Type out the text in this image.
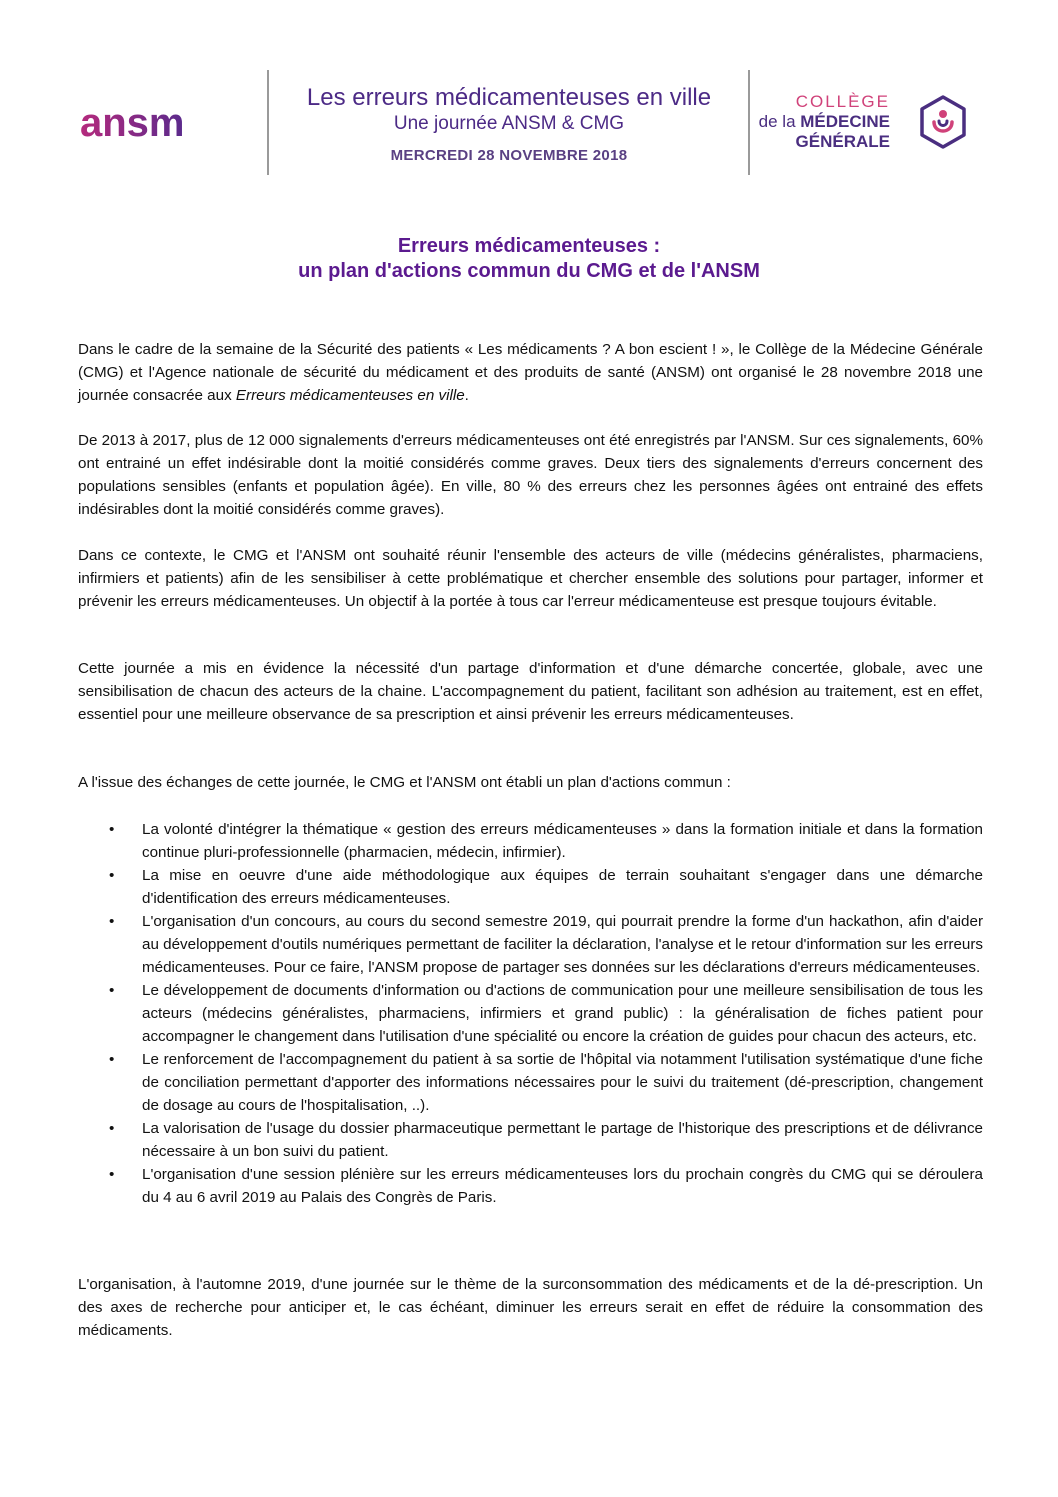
ansm
Les erreurs médicamenteuses en ville
Une journée ANSM & CMG
MERCREDI 28 NOVEMBRE 2018
COLLÈGE
de la MÉDECINE
GÉNÉRALE
Erreurs médicamenteuses :
un plan d'actions commun du CMG et de l'ANSM

Dans le cadre de la semaine de la Sécurité des patients « Les médicaments ? A bon escient ! », le Collège de la Médecine Générale (CMG) et l'Agence nationale de sécurité du médicament et des produits de santé (ANSM) ont organisé le 28 novembre 2018 une journée consacrée aux Erreurs médicamenteuses en ville.

De 2013 à 2017, plus de 12 000 signalements d'erreurs médicamenteuses ont été enregistrés par l'ANSM. Sur ces signalements, 60% ont entrainé un effet indésirable dont la moitié considérés comme graves. Deux tiers des signalements d'erreurs concernent des populations sensibles (enfants et population âgée). En ville, 80 % des erreurs chez les personnes âgées ont entrainé des effets indésirables dont la moitié considérés comme graves).

Dans ce contexte, le CMG et l'ANSM ont souhaité réunir l'ensemble des acteurs de ville (médecins généralistes, pharmaciens, infirmiers et patients) afin de les sensibiliser à cette problématique et chercher ensemble des solutions pour partager, informer et prévenir les erreurs médicamenteuses. Un objectif à la portée à tous car l'erreur médicamenteuse est presque toujours évitable.

Cette journée a mis en évidence la nécessité d'un partage d'information et d'une démarche concertée, globale, avec une sensibilisation de chacun des acteurs de la chaine. L'accompagnement du patient, facilitant son adhésion au traitement, est en effet, essentiel pour une meilleure observance de sa prescription et ainsi prévenir les erreurs médicamenteuses.

A l'issue des échanges de cette journée, le CMG et l'ANSM ont établi un plan d'actions commun :

• La volonté d'intégrer la thématique « gestion des erreurs médicamenteuses » dans la formation initiale et dans la formation continue pluri-professionnelle (pharmacien, médecin, infirmier).
• La mise en oeuvre d'une aide méthodologique aux équipes de terrain souhaitant s'engager dans une démarche d'identification des erreurs médicamenteuses.
• L'organisation d'un concours, au cours du second semestre 2019, qui pourrait prendre la forme d'un hackathon, afin d'aider au développement d'outils numériques permettant de faciliter la déclaration, l'analyse et le retour d'information sur les erreurs médicamenteuses. Pour ce faire, l'ANSM propose de partager ses données sur les déclarations d'erreurs médicamenteuses.
• Le développement de documents d'information ou d'actions de communication pour une meilleure sensibilisation de tous les acteurs (médecins généralistes, pharmaciens, infirmiers et grand public) : la généralisation de fiches patient pour accompagner le changement dans l'utilisation d'une spécialité ou encore la création de guides pour chacun des acteurs, etc.
• Le renforcement de l'accompagnement du patient à sa sortie de l'hôpital via notamment l'utilisation systématique d'une fiche de conciliation permettant d'apporter des informations nécessaires pour le suivi du traitement (dé-prescription, changement de dosage au cours de l'hospitalisation, ..).
• La valorisation de l'usage du dossier pharmaceutique permettant le partage de l'historique des prescriptions et de délivrance nécessaire à un bon suivi du patient.
• L'organisation d'une session plénière sur les erreurs médicamenteuses lors du prochain congrès du CMG qui se déroulera du 4 au 6 avril 2019 au Palais des Congrès de Paris.

L'organisation, à l'automne 2019, d'une journée sur le thème de la surconsommation des médicaments et de la dé-prescription. Un des axes de recherche pour anticiper et, le cas échéant, diminuer les erreurs serait en effet de réduire la consommation des médicaments.
